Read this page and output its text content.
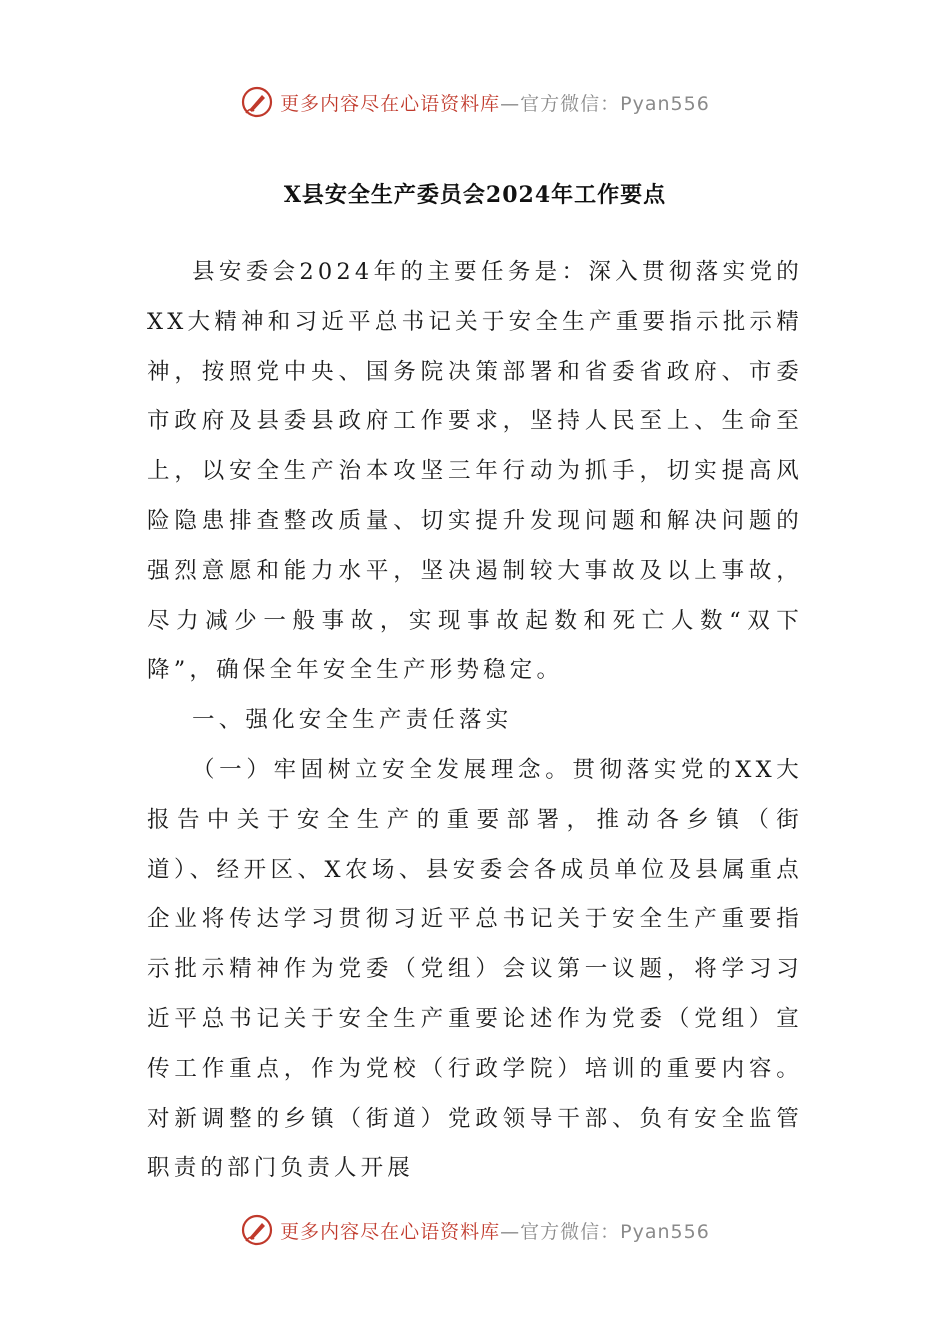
更多内容尽在心语资料库—官方微信：Pyan556
X县安全生产委员会2024年工作要点

县安委会2024年的主要任务是：深入贯彻落实党的XX大精神和习近平总书记关于安全生产重要指示批示精神，按照党中央、国务院决策部署和省委省政府、市委市政府及县委县政府工作要求，坚持人民至上、生命至上，以安全生产治本攻坚三年行动为抓手，切实提高风险隐患排查整改质量、切实提升发现问题和解决问题的强烈意愿和能力水平，坚决遏制较大事故及以上事故，尽力减少一般事故，实现事故起数和死亡人数“双下降”，确保全年安全生产形势稳定。

一、强化安全生产责任落实

（一）牢固树立安全发展理念。贯彻落实党的XX大报告中关于安全生产的重要部署，推动各乡镇（街道）、经开区、X农场、县安委会各成员单位及县属重点企业将传达学习贯彻习近平总书记关于安全生产重要指示批示精神作为党委（党组）会议第一议题，将学习习近平总书记关于安全生产重要论述作为党委（党组）宣传工作重点，作为党校（行政学院）培训的重要内容。对新调整的乡镇（街道）党政领导干部、负有安全监管职责的部门负责人开展

更多内容尽在心语资料库—官方微信：Pyan556
